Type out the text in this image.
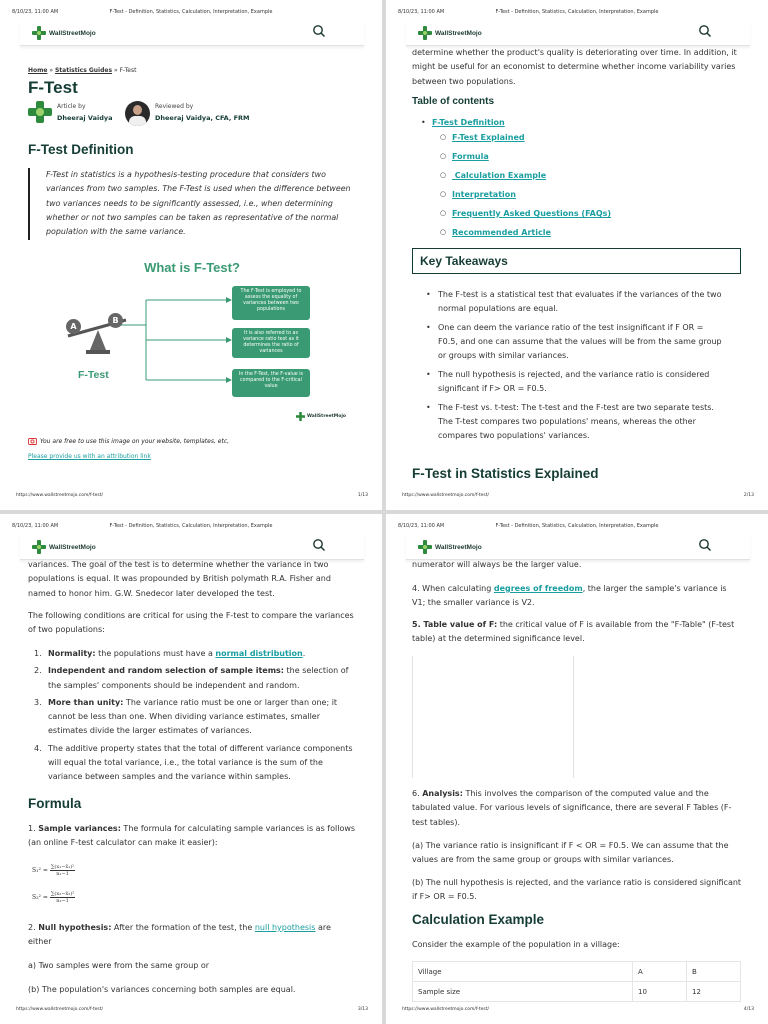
8/10/23, 11:00 AM	F-Test - Definition, Statistics, Calculation, Interpretation, Example
WallStreetMojo
Home » Statistics Guides » F-Test
F-Test
Article by
Dheeraj Vaidya
Reviewed by
Dheeraj Vaidya, CFA, FRM
F-Test Definition
F-Test in statistics is a hypothesis-testing procedure that considers two variances from two samples. The F-Test is used when the difference between two variances needs to be significantly assessed, i.e., when determining whether or not two samples can be taken as representative of the normal population with the same variance.
What is F-Test?
A
B
F-Test
The F-Test is employed to assess the equality of variances between two populations
It is also referred to as variance ratio test as it determines the ratio of variances
In the F-Test, the F-value is compared to the F-critical value
WallStreetMojo
You are free to use this image on your website, templates, etc,
Please provide us with an attribution link
https://www.wallstreetmojo.com/f-test/	1/13
8/10/23, 11:00 AM	F-Test - Definition, Statistics, Calculation, Interpretation, Example
WallStreetMojo
determine whether the product's quality is deteriorating over time. In addition, it might be useful for an economist to determine whether income variability varies between two populations.
Table of contents
• F-Test Definition
○ F-Test Explained
○ Formula
○ Calculation Example
○ Interpretation
○ Frequently Asked Questions (FAQs)
○ Recommended Article
Key Takeaways
• The F-test is a statistical test that evaluates if the variances of the two normal populations are equal.
• One can deem the variance ratio of the test insignificant if F OR = F0.5, and one can assume that the values will be from the same group or groups with similar variances.
• The null hypothesis is rejected, and the variance ratio is considered significant if F> OR = F0.5.
• The F-test vs. t-test: The t-test and the F-test are two separate tests. The T-test compares two populations' means, whereas the other compares two populations' variances.
F-Test in Statistics Explained
https://www.wallstreetmojo.com/f-test/	2/13
8/10/23, 11:00 AM	F-Test - Definition, Statistics, Calculation, Interpretation, Example
WallStreetMojo
variances. The goal of the test is to determine whether the variance in two populations is equal. It was propounded by British polymath R.A. Fisher and named to honor him. G.W. Snedecor later developed the test.
The following conditions are critical for using the F-test to compare the variances of two populations:
1. Normality: the populations must have a normal distribution.
2. Independent and random selection of sample items: the selection of the samples' components should be independent and random.
3. More than unity: The variance ratio must be one or larger than one; it cannot be less than one. When dividing variance estimates, smaller estimates divide the larger estimates of variances.
4. The additive property states that the total of different variance components will equal the total variance, i.e., the total variance is the sum of the variance between samples and the variance within samples.
Formula
1. Sample variances: The formula for calculating sample variances is as follows (an online F-test calculator can make it easier):
$S_1^2 = \frac{\text{∑(x₁−x̄₁)²}}{\text{n₁−1}}$
$S_2^2 = \frac{\text{∑(x₂−x̄₂)²}}{\text{n₂−1}}$
2. Null hypothesis: After the formation of the test, the null hypothesis are either
a) Two samples were from the same group or
(b) The population's variances concerning both samples are equal.
https://www.wallstreetmojo.com/f-test/	3/13
8/10/23, 11:00 AM	F-Test - Definition, Statistics, Calculation, Interpretation, Example
WallStreetMojo
numerator will always be the larger value.
4. When calculating degrees of freedom, the larger the sample's variance is V1; the smaller variance is V2.
5. Table value of F: the critical value of F is available from the "F-Table" (F-test table) at the determined significance level.
6. Analysis: This involves the comparison of the computed value and the tabulated value. For various levels of significance, there are several F Tables (F-test tables).
(a) The variance ratio is insignificant if F < OR = F0.5. We can assume that the values are from the same group or groups with similar variances.
(b) The null hypothesis is rejected, and the variance ratio is considered significant if F> OR = F0.5.
Calculation Example
Consider the example of the population in a village:
Village	A	B
Sample size	10	12
https://www.wallstreetmojo.com/f-test/	4/13
